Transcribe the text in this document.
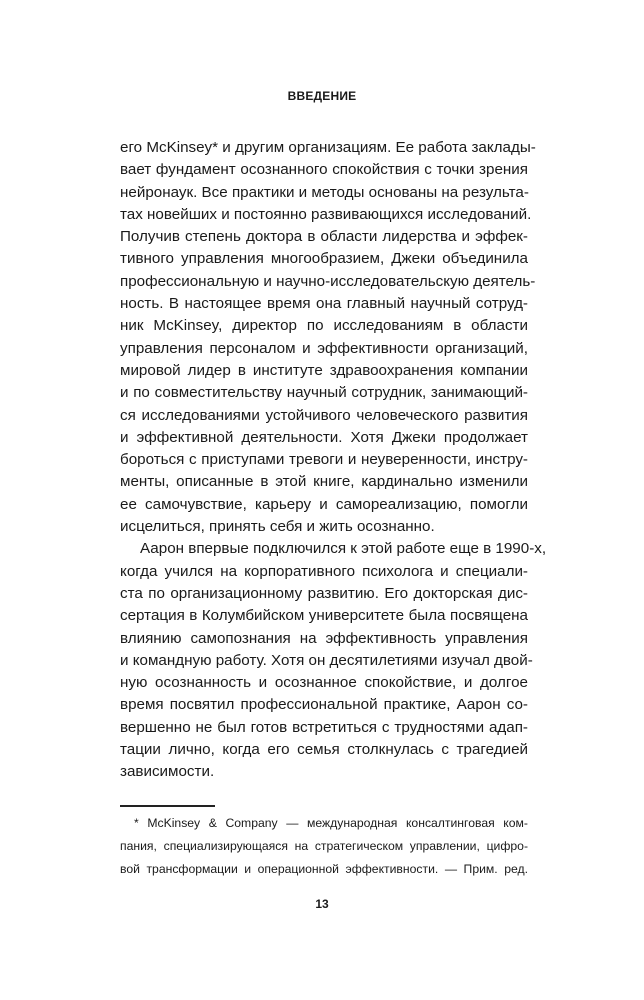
ВВЕДЕНИЕ
его McKinsey* и другим организациям. Ее работа заклады-
вает фундамент осознанного спокойствия с точки зрения
нейронаук. Все практики и методы основаны на результа-
тах новейших и постоянно развивающихся исследований.
Получив степень доктора в области лидерства и эффек-
тивного управления многообразием, Джеки объединила
профессиональную и научно-исследовательскую деятель-
ность. В настоящее время она главный научный сотруд-
ник McKinsey, директор по исследованиям в области
управления персоналом и эффективности организаций,
мировой лидер в институте здравоохранения компании
и по совместительству научный сотрудник, занимающий-
ся исследованиями устойчивого человеческого развития
и эффективной деятельности. Хотя Джеки продолжает
бороться с приступами тревоги и неуверенности, инстру-
менты, описанные в этой книге, кардинально изменили
ее самочувствие, карьеру и самореализацию, помогли
исцелиться, принять себя и жить осознанно.
Аарон впервые подключился к этой работе еще в 1990-х,
когда учился на корпоративного психолога и специали-
ста по организационному развитию. Его докторская дис-
сертация в Колумбийском университете была посвящена
влиянию самопознания на эффективность управления
и командную работу. Хотя он десятилетиями изучал двой-
ную осознанность и осознанное спокойствие, и долгое
время посвятил профессиональной практике, Аарон со-
вершенно не был готов встретиться с трудностями адап-
тации лично, когда его семья столкнулась с трагедией
зависимости.
* McKinsey & Company — международная консалтинговая ком-
пания, специализирующаяся на стратегическом управлении, цифро-
вой трансформации и операционной эффективности. — Прим. ред.
13
